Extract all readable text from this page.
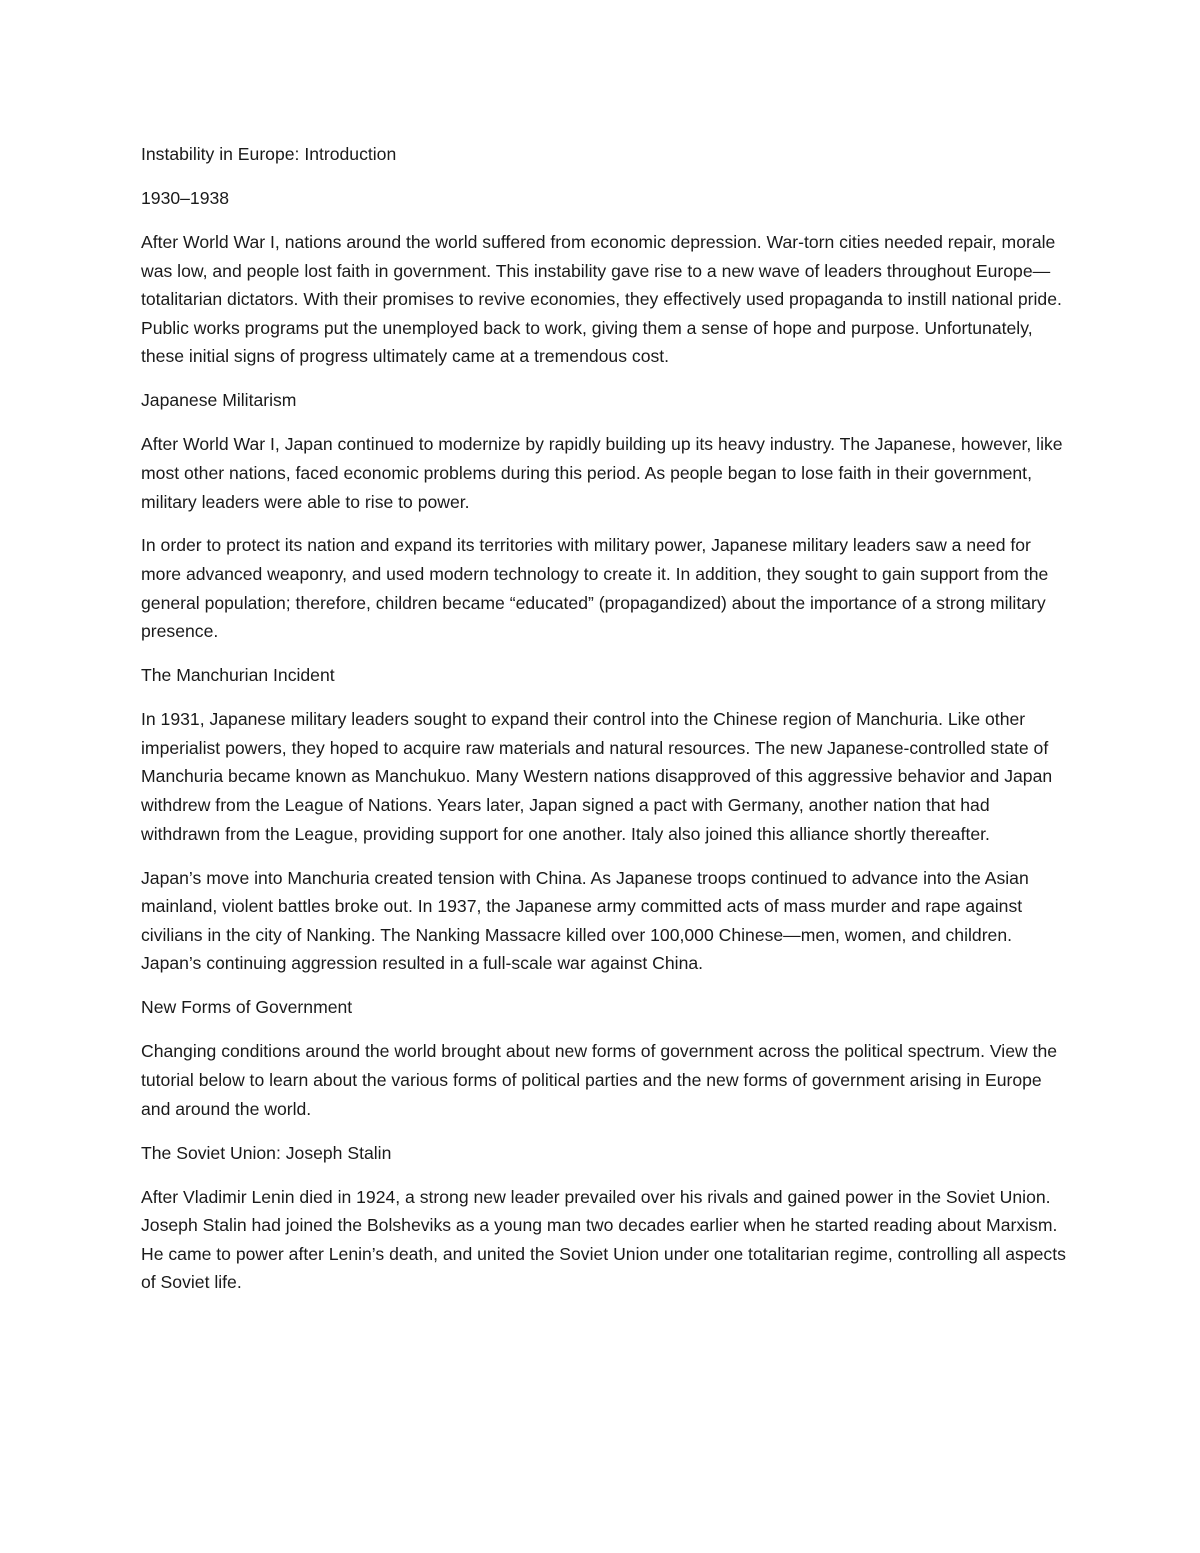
Instability in Europe: Introduction

1930–1938

After World War I, nations around the world suffered from economic depression. War-torn cities needed repair, morale was low, and people lost faith in government. This instability gave rise to a new wave of leaders throughout Europe—totalitarian dictators. With their promises to revive economies, they effectively used propaganda to instill national pride. Public works programs put the unemployed back to work, giving them a sense of hope and purpose. Unfortunately, these initial signs of progress ultimately came at a tremendous cost.

Japanese Militarism

After World War I, Japan continued to modernize by rapidly building up its heavy industry. The Japanese, however, like most other nations, faced economic problems during this period. As people began to lose faith in their government, military leaders were able to rise to power.

In order to protect its nation and expand its territories with military power, Japanese military leaders saw a need for more advanced weaponry, and used modern technology to create it. In addition, they sought to gain support from the general population; therefore, children became “educated” (propagandized) about the importance of a strong military presence.

The Manchurian Incident

In 1931, Japanese military leaders sought to expand their control into the Chinese region of Manchuria. Like other imperialist powers, they hoped to acquire raw materials and natural resources. The new Japanese-controlled state of Manchuria became known as Manchukuo. Many Western nations disapproved of this aggressive behavior and Japan withdrew from the League of Nations. Years later, Japan signed a pact with Germany, another nation that had withdrawn from the League, providing support for one another. Italy also joined this alliance shortly thereafter.

Japan’s move into Manchuria created tension with China. As Japanese troops continued to advance into the Asian mainland, violent battles broke out. In 1937, the Japanese army committed acts of mass murder and rape against civilians in the city of Nanking. The Nanking Massacre killed over 100,000 Chinese—men, women, and children. Japan’s continuing aggression resulted in a full-scale war against China.

New Forms of Government

Changing conditions around the world brought about new forms of government across the political spectrum. View the tutorial below to learn about the various forms of political parties and the new forms of government arising in Europe and around the world.

The Soviet Union: Joseph Stalin

After Vladimir Lenin died in 1924, a strong new leader prevailed over his rivals and gained power in the Soviet Union. Joseph Stalin had joined the Bolsheviks as a young man two decades earlier when he started reading about Marxism. He came to power after Lenin’s death, and united the Soviet Union under one totalitarian regime, controlling all aspects of Soviet life.
